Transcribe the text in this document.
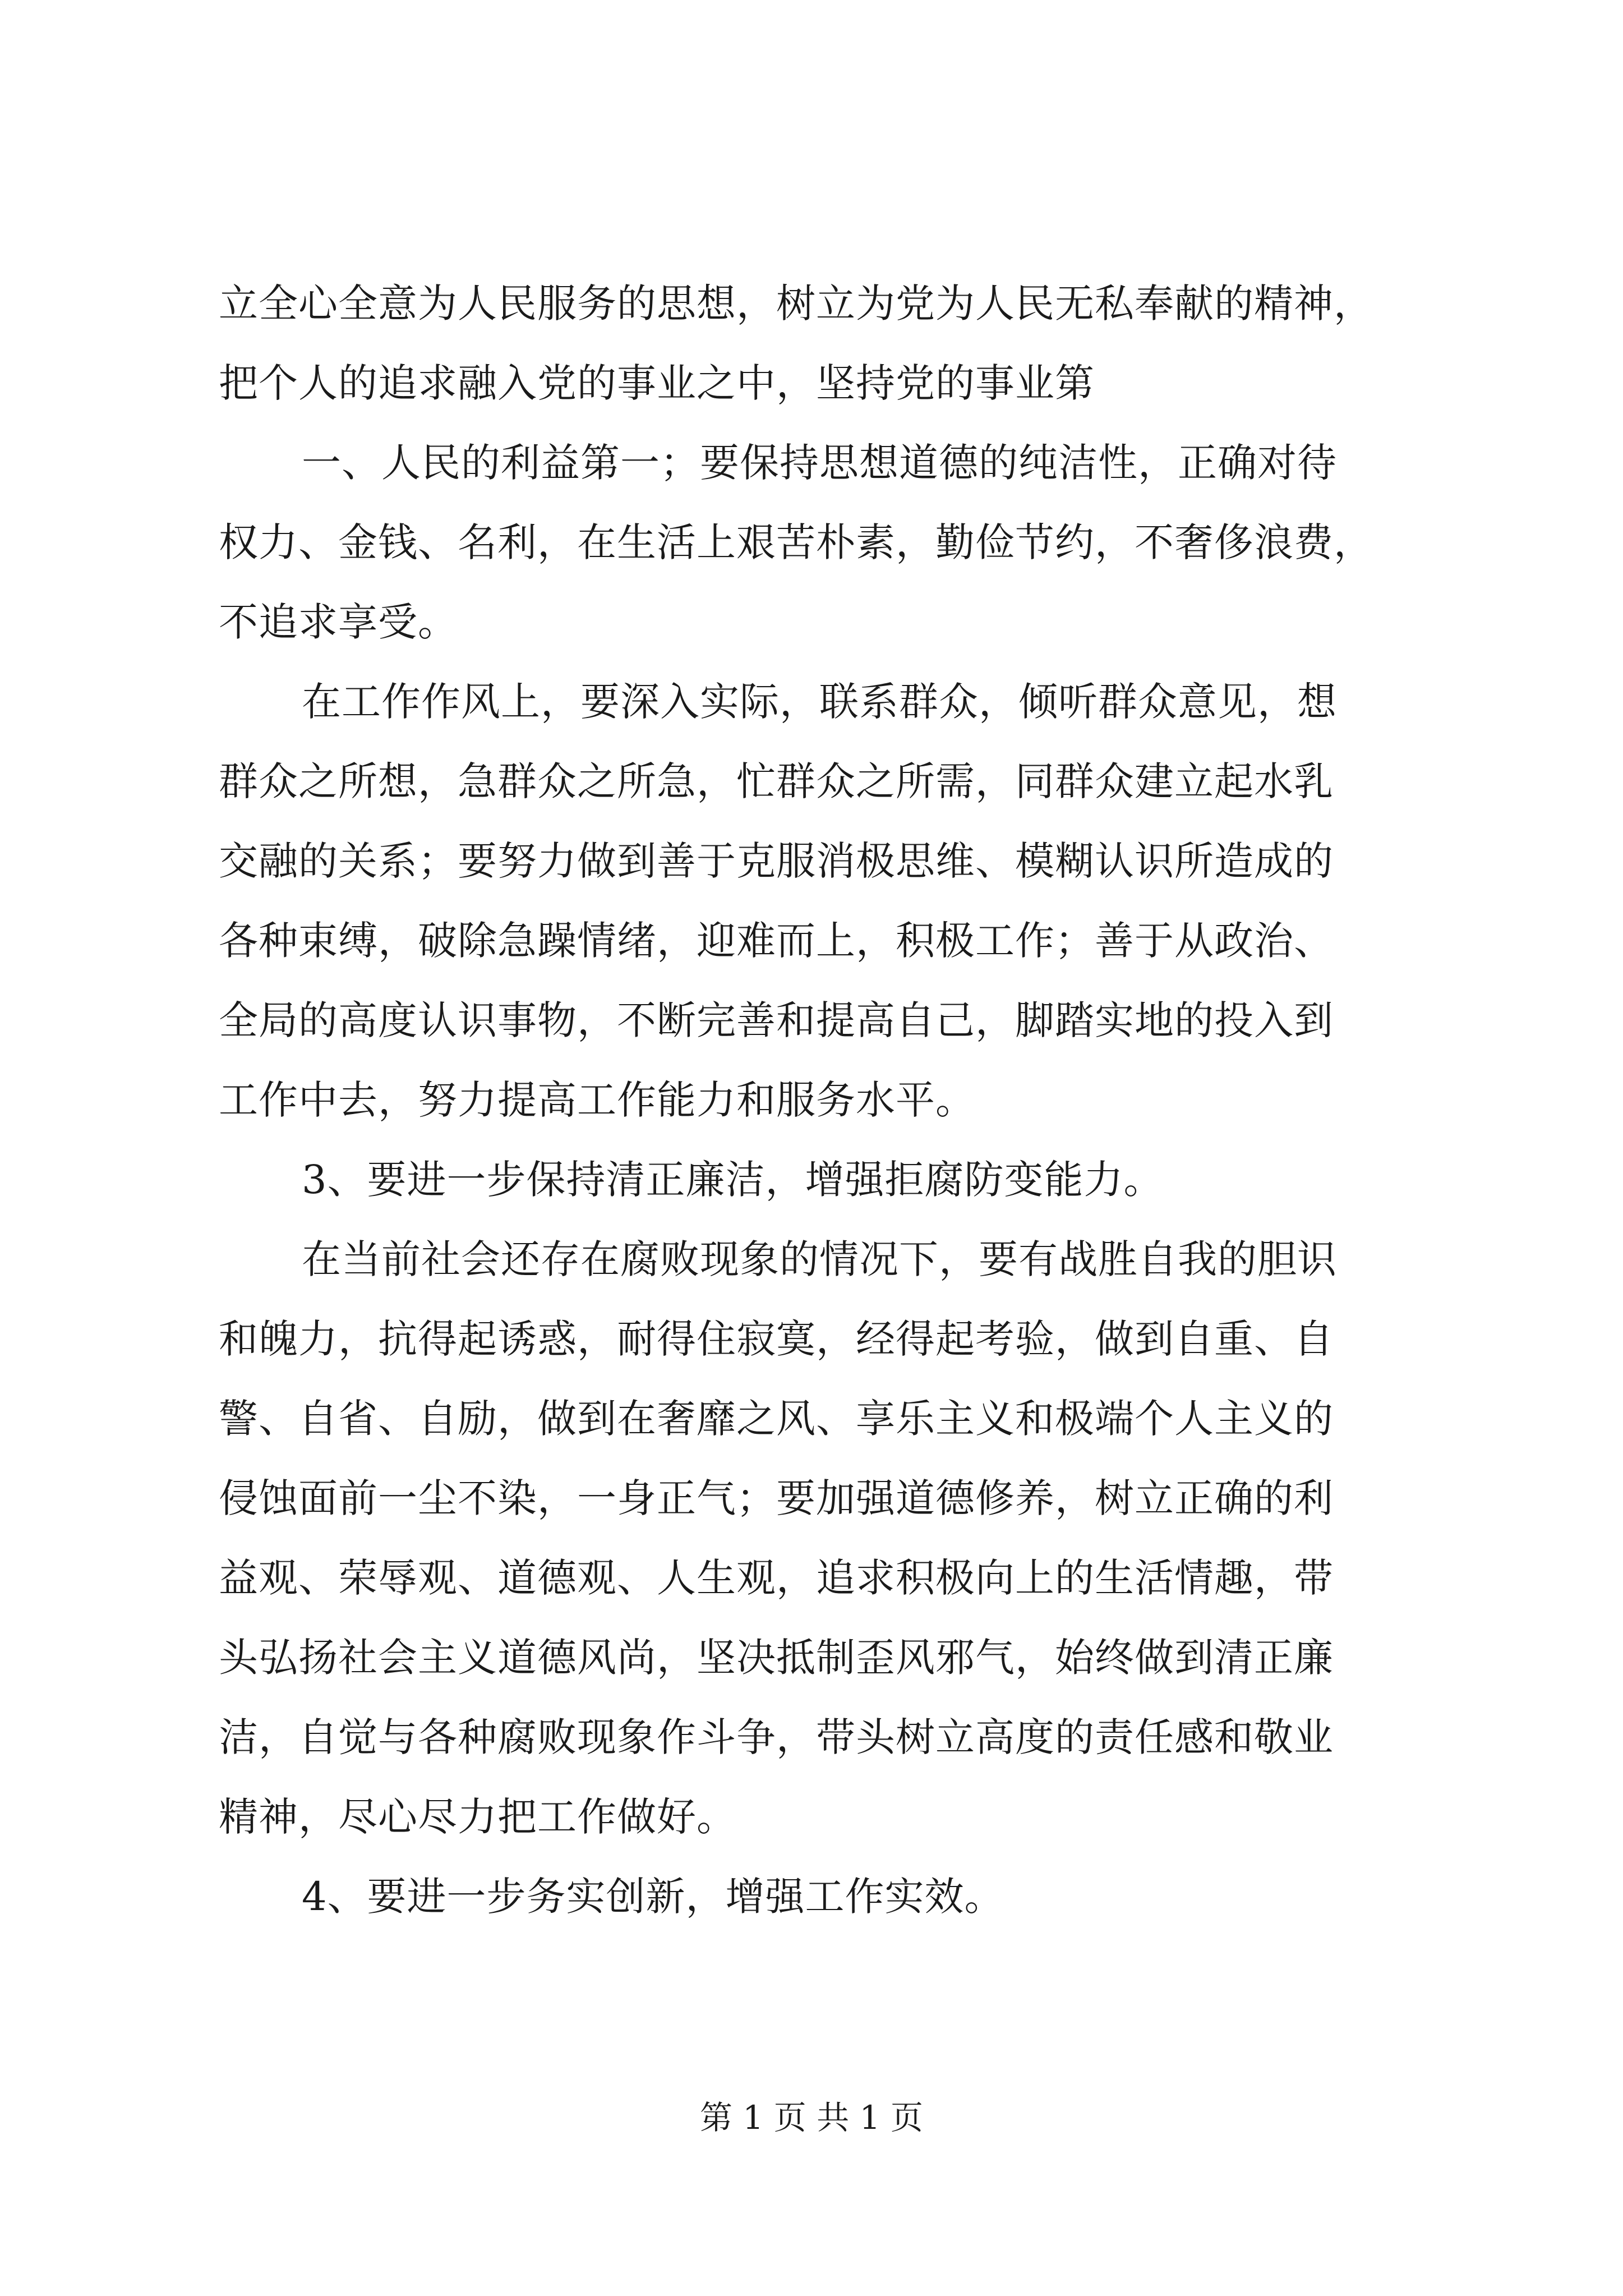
立全心全意为人民服务的思想，树立为党为人民无私奉献的精神，
把个人的追求融入党的事业之中，坚持党的事业第
一、人民的利益第一；要保持思想道德的纯洁性，正确对待
权力、金钱、名利，在生活上艰苦朴素，勤俭节约，不奢侈浪费，
不追求享受。
在工作作风上，要深入实际，联系群众，倾听群众意见，想
群众之所想，急群众之所急，忙群众之所需，同群众建立起水乳
交融的关系；要努力做到善于克服消极思维、模糊认识所造成的
各种束缚，破除急躁情绪，迎难而上，积极工作；善于从政治、
全局的高度认识事物，不断完善和提高自己，脚踏实地的投入到
工作中去，努力提高工作能力和服务水平。
3、要进一步保持清正廉洁，增强拒腐防变能力。
在当前社会还存在腐败现象的情况下，要有战胜自我的胆识
和魄力，抗得起诱惑，耐得住寂寞，经得起考验，做到自重、自
警、自省、自励，做到在奢靡之风、享乐主义和极端个人主义的
侵蚀面前一尘不染，一身正气；要加强道德修养，树立正确的利
益观、荣辱观、道德观、人生观，追求积极向上的生活情趣，带
头弘扬社会主义道德风尚，坚决抵制歪风邪气，始终做到清正廉
洁，自觉与各种腐败现象作斗争，带头树立高度的责任感和敬业
精神，尽心尽力把工作做好。
4、要进一步务实创新，增强工作实效。
第 1 页 共 1 页
